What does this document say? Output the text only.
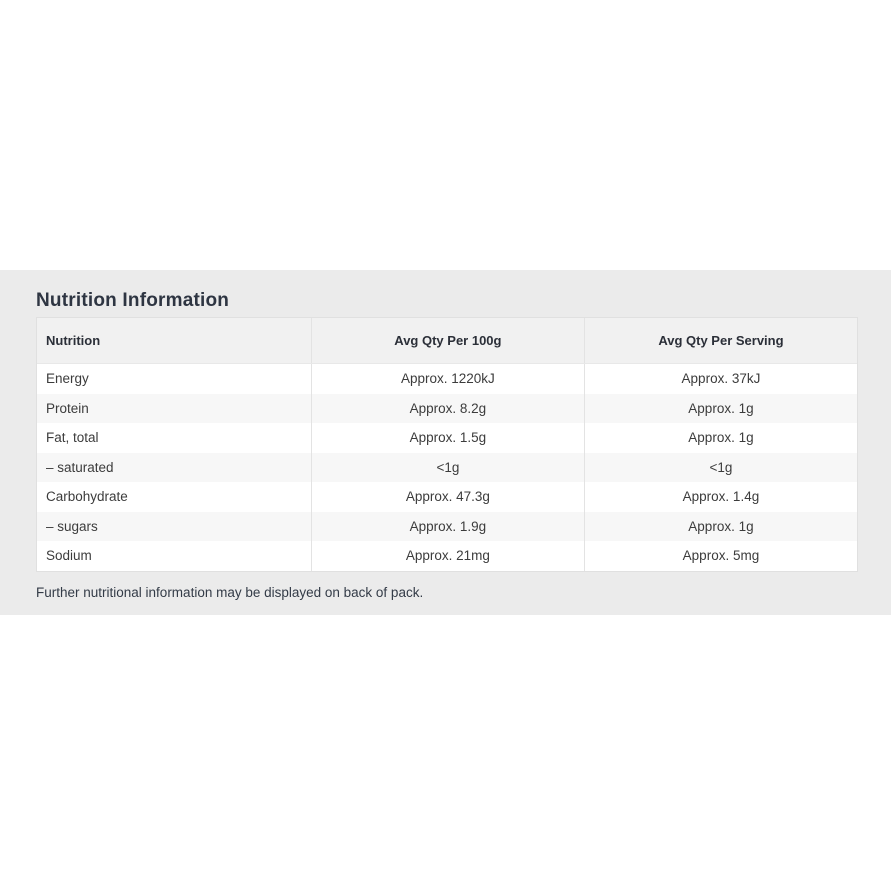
Nutrition Information
Nutrition	Avg Qty Per 100g	Avg Qty Per Serving
Energy	Approx. 1220kJ	Approx. 37kJ
Protein	Approx. 8.2g	Approx. 1g
Fat, total	Approx. 1.5g	Approx. 1g
– saturated	<1g	<1g
Carbohydrate	Approx. 47.3g	Approx. 1.4g
– sugars	Approx. 1.9g	Approx. 1g
Sodium	Approx. 21mg	Approx. 5mg
Further nutritional information may be displayed on back of pack.
